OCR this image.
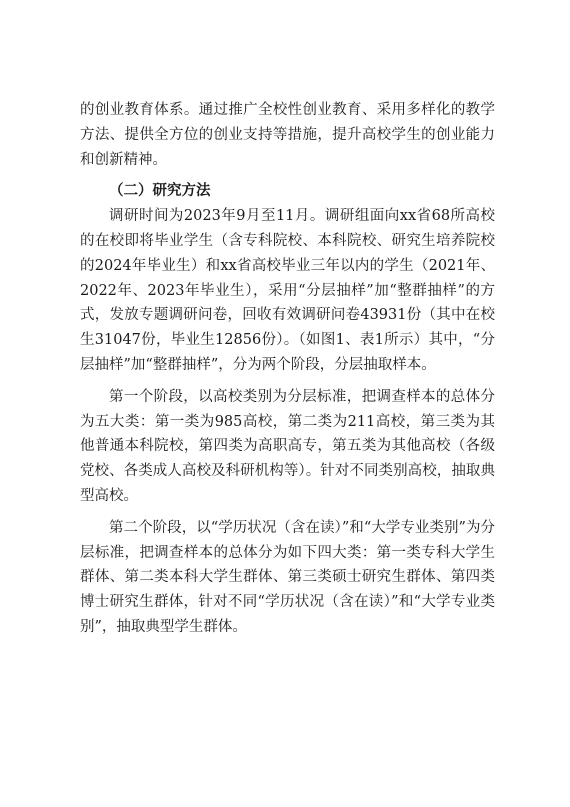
的创业教育体系。通过推广全校性创业教育、采用多样化的教学方法、提供全方位的创业支持等措施，提升高校学生的创业能力和创新精神。

（二）研究方法

调研时间为2023年9月至11月。调研组面向xx省68所高校的在校即将毕业学生（含专科院校、本科院校、研究生培养院校的2024年毕业生）和xx省高校毕业三年以内的学生（2021年、2022年、2023年毕业生），采用“分层抽样”加“整群抽样”的方式，发放专题调研问卷，回收有效调研问卷43931份（其中在校生31047份，毕业生12856份）。（如图1、表1所示）其中，“分层抽样”加“整群抽样”，分为两个阶段，分层抽取样本。

第一个阶段，以高校类别为分层标准，把调查样本的总体分为五大类：第一类为985高校，第二类为211高校，第三类为其他普通本科院校，第四类为高职高专，第五类为其他高校（各级党校、各类成人高校及科研机构等）。针对不同类别高校，抽取典型高校。

第二个阶段，以“学历状况（含在读）”和“大学专业类别”为分层标准，把调查样本的总体分为如下四大类：第一类专科大学生群体、第二类本科大学生群体、第三类硕士研究生群体、第四类博士研究生群体，针对不同“学历状况（含在读）”和“大学专业类别”，抽取典型学生群体。
